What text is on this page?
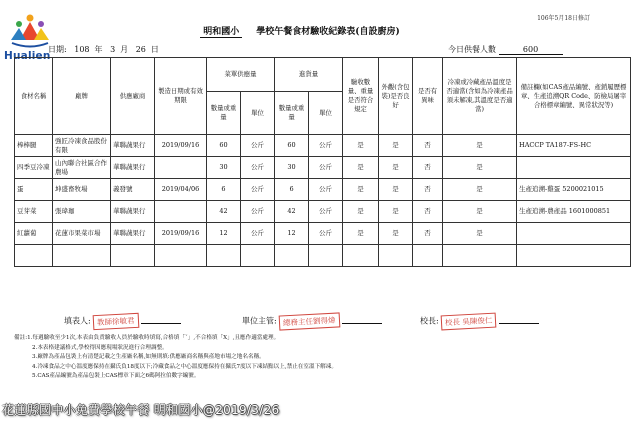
Hualien
106年5月18日修訂
明和國小 學校午餐食材驗收紀錄表(自設廚房)
日期: 108 年 3 月 26 日	今日供餐人數	600
食材名稱	廠牌	供應廠商	製造日期或有效期限	菜單供應量		進貨量		驗收數量、重量是否符合規定	外觀(含包裝)是否良好	是否有異味	冷凍或冷藏產品溫度是否適當(含如為冷凍產品須未解凍,其溫度是否適當)	備註欄(如CAS產品編號、產銷履歷標章、生產追溯QR Code、防檢局屠宰合格標章編號、異常狀況等)
				數量或重量	單位	數量或重量	單位					
棒棒腿	強匠冷凍食品股份有限	華聯蔬果行	2019/09/16	60	公斤	60	公斤	是	是	否	是	HACCP TA187-FS-HC
四季豆冷凍	山內聯合社區合作農場	華聯蔬果行		30	公斤	30	公斤	是	是	否	是	
蛋	坤盛畜牧場	義發號	2019/04/06	6	公斤	6	公斤	是	是	否	是	生產追溯-雞蛋 5200021015
豆芽菜	張瑋珈	華聯蔬果行		42	公斤	42	公斤	是	是	否	是	生產追溯-農產品 1601000851
紅蘿蔔	花蓮市果菜市場	華聯蔬果行	2019/09/16	12	公斤	12	公斤	是	是	否	是	

填表人: 教師徐敏君	單位主管: 總務主任劉得煒	校長: 校長 吳陳俊仁
備註:1.每週驗收至少1次,本表由負責驗收人員於驗收時填寫,合格填「ˇ」,不合格填「X」,且應作適當處理。
2.本表格建議格式,學校得因應現場狀況進行合理調整。
3.廠牌為產品包裝上有清楚記載之生產廠名稱,如無則填:供應廠商名稱與產地市場之地名名稱。
4.冷凍食品之中心溫度應保持在攝氏負18度以下;冷藏食品之中心溫度應保持在攝氏7度以下凍結點以上,禁止在室溫下解凍。
5.CAS產品編號為產品包裝上CAS標章下面之6碼阿拉伯數字編號。
花蓮縣國中小免費學校午餐 明和國小@2019/3/26
